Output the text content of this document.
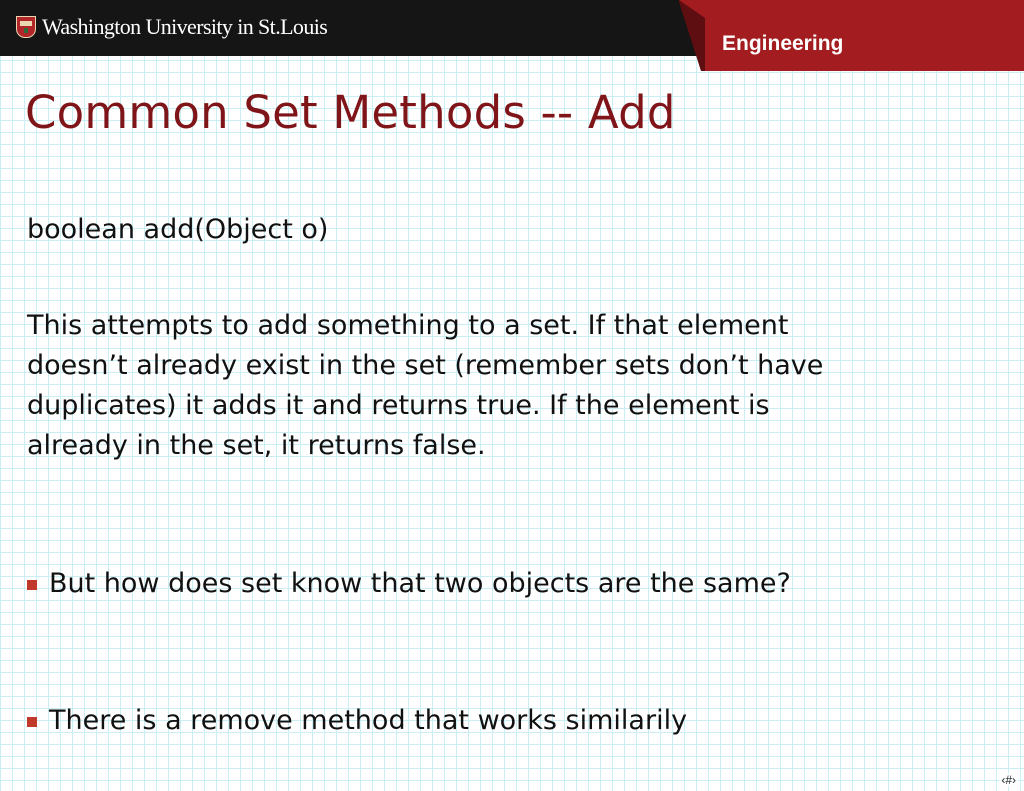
Washington University in St.Louis
Engineering
Common Set Methods -- Add

boolean add(Object o)

This attempts to add something to a set. If that element doesn’t already exist in the set (remember sets don’t have duplicates) it adds it and returns true. If the element is already in the set, it returns false.

But how does set know that two objects are the same?
There is a remove method that works similarily
‹#›
